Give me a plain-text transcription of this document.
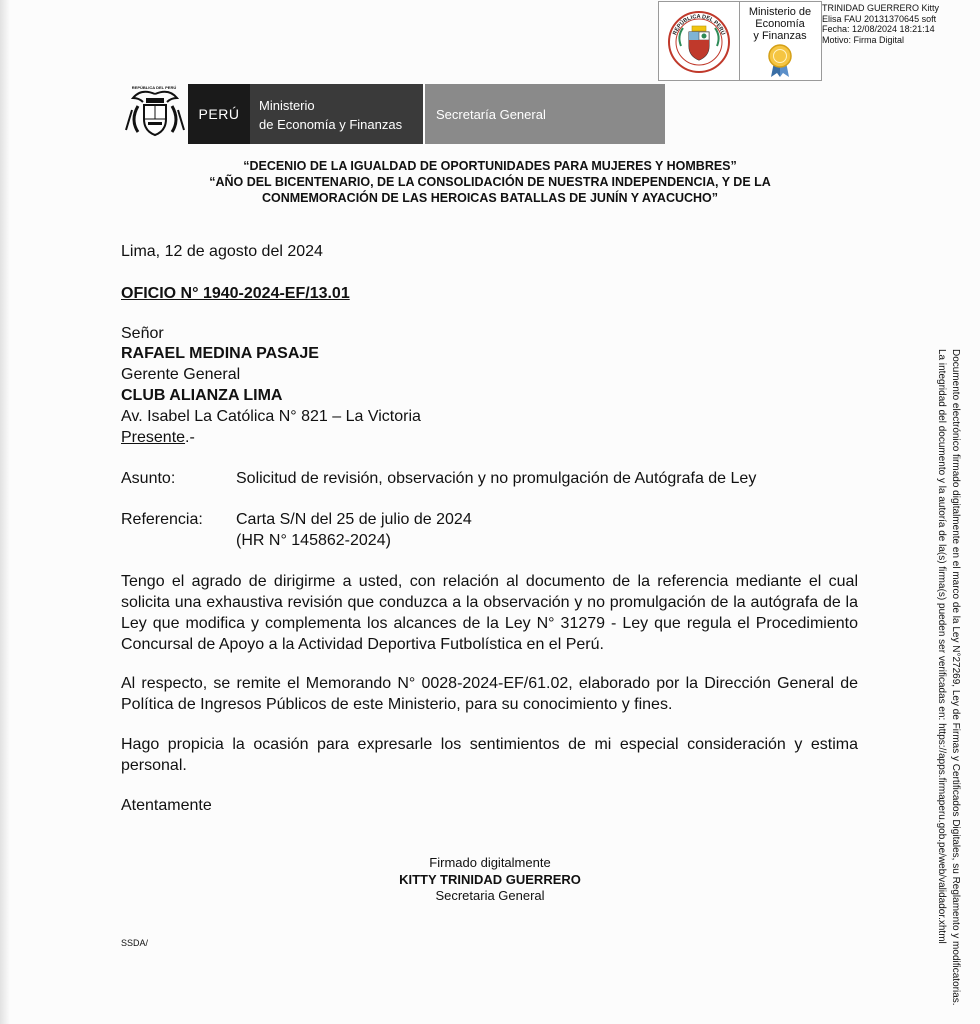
REPÚBLICA DEL PERÚ
Ministerio de
Economía
y Finanzas
TRINIDAD GUERRERO Kitty
Elisa FAU 20131370645 soft
Fecha: 12/08/2024 18:21:14
Motivo: Firma Digital
REPÚBLICA DEL PERÚ
PERÚ
Ministerio
de Economía y Finanzas
Secretaría General
“DECENIO DE LA IGUALDAD DE OPORTUNIDADES PARA MUJERES Y HOMBRES”
“AÑO DEL BICENTENARIO, DE LA CONSOLIDACIÓN DE NUESTRA INDEPENDENCIA, Y DE LA
CONMEMORACIÓN DE LAS HEROICAS BATALLAS DE JUNÍN Y AYACUCHO”
Lima, 12 de agosto del 2024
OFICIO N° 1940-2024-EF/13.01
Señor
RAFAEL MEDINA PASAJE
Gerente General
CLUB ALIANZA LIMA
Av. Isabel La Católica N° 821 – La Victoria
Presente.-
Asunto:	Solicitud de revisión, observación y no promulgación de Autógrafa de Ley
Referencia: Carta S/N del 25 de julio de 2024
(HR N° 145862-2024)
Tengo el agrado de dirigirme a usted, con relación al documento de la referencia mediante el cual solicita una exhaustiva revisión que conduzca a la observación y no promulgación de la autógrafa de la Ley que modifica y complementa los alcances de la Ley N° 31279 - Ley que regula el Procedimiento Concursal de Apoyo a la Actividad Deportiva Futbolística en el Perú.
Al respecto, se remite el Memorando N° 0028-2024-EF/61.02, elaborado por la Dirección General de Política de Ingresos Públicos de este Ministerio, para su conocimiento y fines.
Hago propicia la ocasión para expresarle los sentimientos de mi especial consideración y estima personal.
Atentamente
Firmado digitalmente
KITTY TRINIDAD GUERRERO
Secretaria General
SSDA/	Documento electrónico firmado digitalmente en el marco de la Ley N°27269, Ley de Firmas y Certificados Digitales, su Reglamento y modificatorias.
La integridad del documento y la autoría de la(s) firma(s) pueden ser verificadas en: https://apps.firmaperu.gob.pe/web/validador.xhtml
